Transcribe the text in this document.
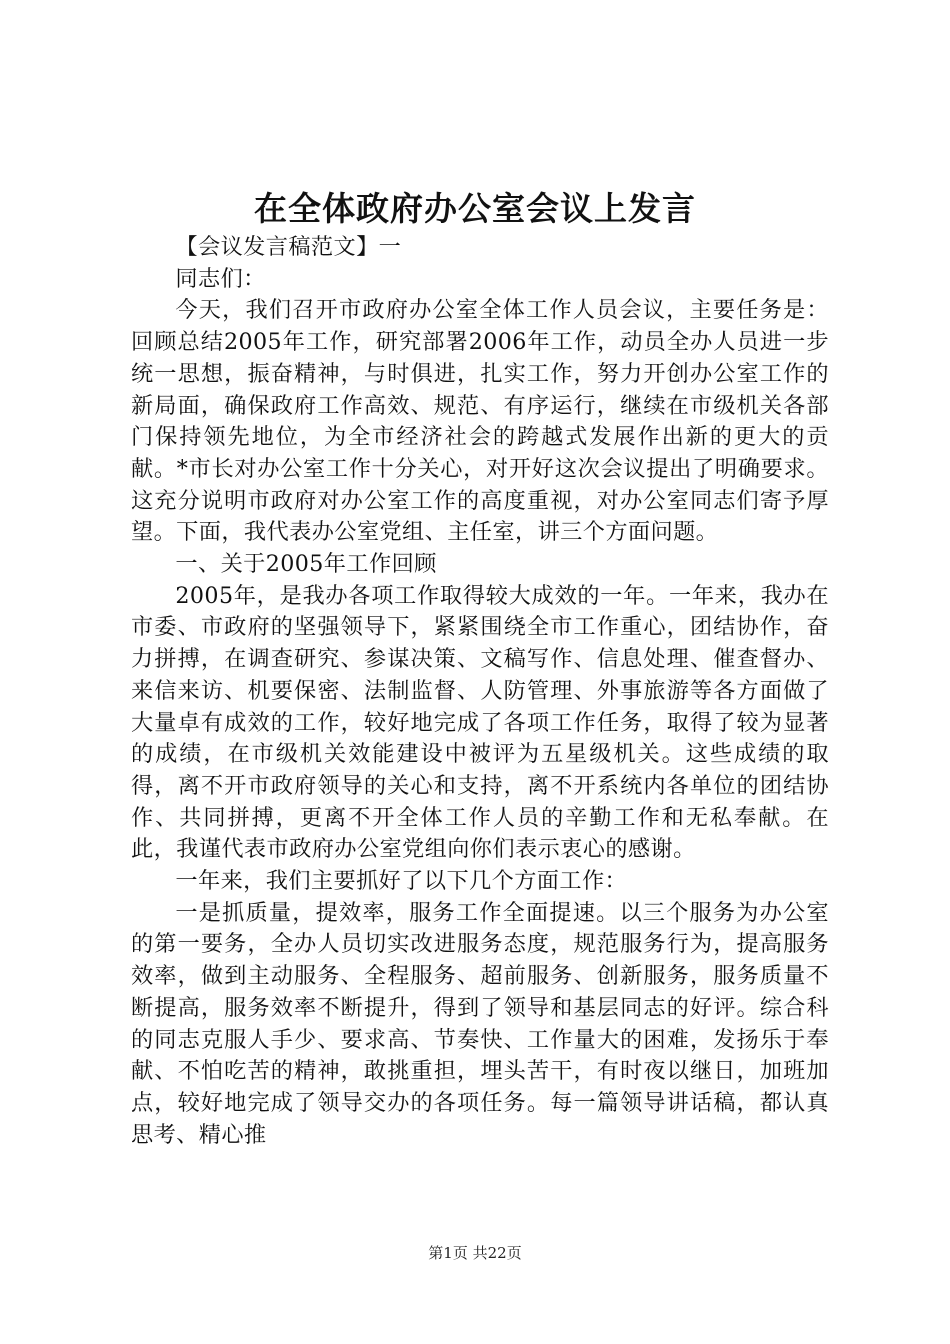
在全体政府办公室会议上发言

【会议发言稿范文】一

同志们：

今天，我们召开市政府办公室全体工作人员会议，主要任务是：回顾总结2005年工作，研究部署2006年工作，动员全办人员进一步统一思想，振奋精神，与时俱进，扎实工作，努力开创办公室工作的新局面，确保政府工作高效、规范、有序运行，继续在市级机关各部门保持领先地位，为全市经济社会的跨越式发展作出新的更大的贡献。*市长对办公室工作十分关心，对开好这次会议提出了明确要求。这充分说明市政府对办公室工作的高度重视，对办公室同志们寄予厚望。下面，我代表办公室党组、主任室，讲三个方面问题。

一、关于2005年工作回顾

2005年，是我办各项工作取得较大成效的一年。一年来，我办在市委、市政府的坚强领导下，紧紧围绕全市工作重心，团结协作，奋力拼搏，在调查研究、参谋决策、文稿写作、信息处理、催查督办、来信来访、机要保密、法制监督、人防管理、外事旅游等各方面做了大量卓有成效的工作，较好地完成了各项工作任务，取得了较为显著的成绩，在市级机关效能建设中被评为五星级机关。这些成绩的取得，离不开市政府领导的关心和支持，离不开系统内各单位的团结协作、共同拼搏，更离不开全体工作人员的辛勤工作和无私奉献。在此，我谨代表市政府办公室党组向你们表示衷心的感谢。

一年来，我们主要抓好了以下几个方面工作：

一是抓质量，提效率，服务工作全面提速。以三个服务为办公室的第一要务，全办人员切实改进服务态度，规范服务行为，提高服务效率，做到主动服务、全程服务、超前服务、创新服务，服务质量不断提高，服务效率不断提升，得到了领导和基层同志的好评。综合科的同志克服人手少、要求高、节奏快、工作量大的困难，发扬乐于奉献、不怕吃苦的精神，敢挑重担，埋头苦干，有时夜以继日，加班加点，较好地完成了领导交办的各项任务。每一篇领导讲话稿，都认真思考、精心推

第1页 共22页
